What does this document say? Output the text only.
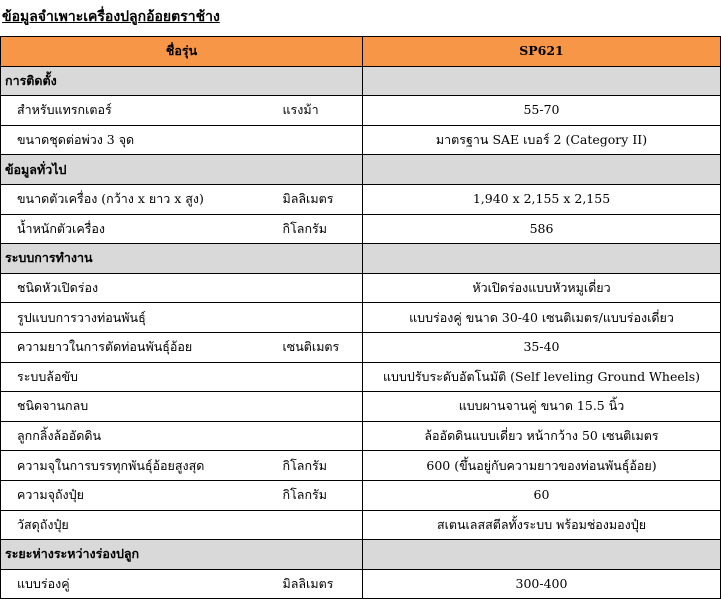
ข้อมูลจำเพาะเครื่องปลูกอ้อยตราช้าง
ชื่อรุ่น		SP621
การติดตั้ง		
สำหรับแทรกเตอร์	แรงม้า	55-70
ขนาดชุดต่อพ่วง 3 จุด		มาตรฐาน SAE เบอร์ 2 (Category II)
ข้อมูลทั่วไป		
ขนาดตัวเครื่อง (กว้าง x ยาว x สูง)	มิลลิเมตร	1,940 x 2,155 x 2,155
น้ำหนักตัวเครื่อง	กิโลกรัม	586
ระบบการทำงาน		
ชนิดหัวเปิดร่อง		หัวเปิดร่องแบบหัวหมูเดี่ยว
รูปแบบการวางท่อนพันธุ์		แบบร่องคู่ ขนาด 30-40 เซนติเมตร/แบบร่องเดี่ยว
ความยาวในการตัดท่อนพันธุ์อ้อย	เซนติเมตร	35-40
ระบบล้อขับ		แบบปรับระดับอัตโนมัติ (Self leveling Ground Wheels)
ชนิดจานกลบ		แบบผานจานคู่ ขนาด 15.5 นิ้ว
ลูกกลิ้งล้ออัดดิน		ล้ออัดดินแบบเดี่ยว หน้ากว้าง 50 เซนติเมตร
ความจุในการบรรทุกพันธุ์อ้อยสูงสุด	กิโลกรัม	600 (ขึ้นอยู่กับความยาวของท่อนพันธุ์อ้อย)
ความจุถังปุ๋ย	กิโลกรัม	60
วัสดุถังปุ๋ย		สเตนเลสสตีลทั้งระบบ พร้อมช่องมองปุ๋ย
ระยะห่างระหว่างร่องปลูก		
แบบร่องคู่	มิลลิเมตร	300-400
